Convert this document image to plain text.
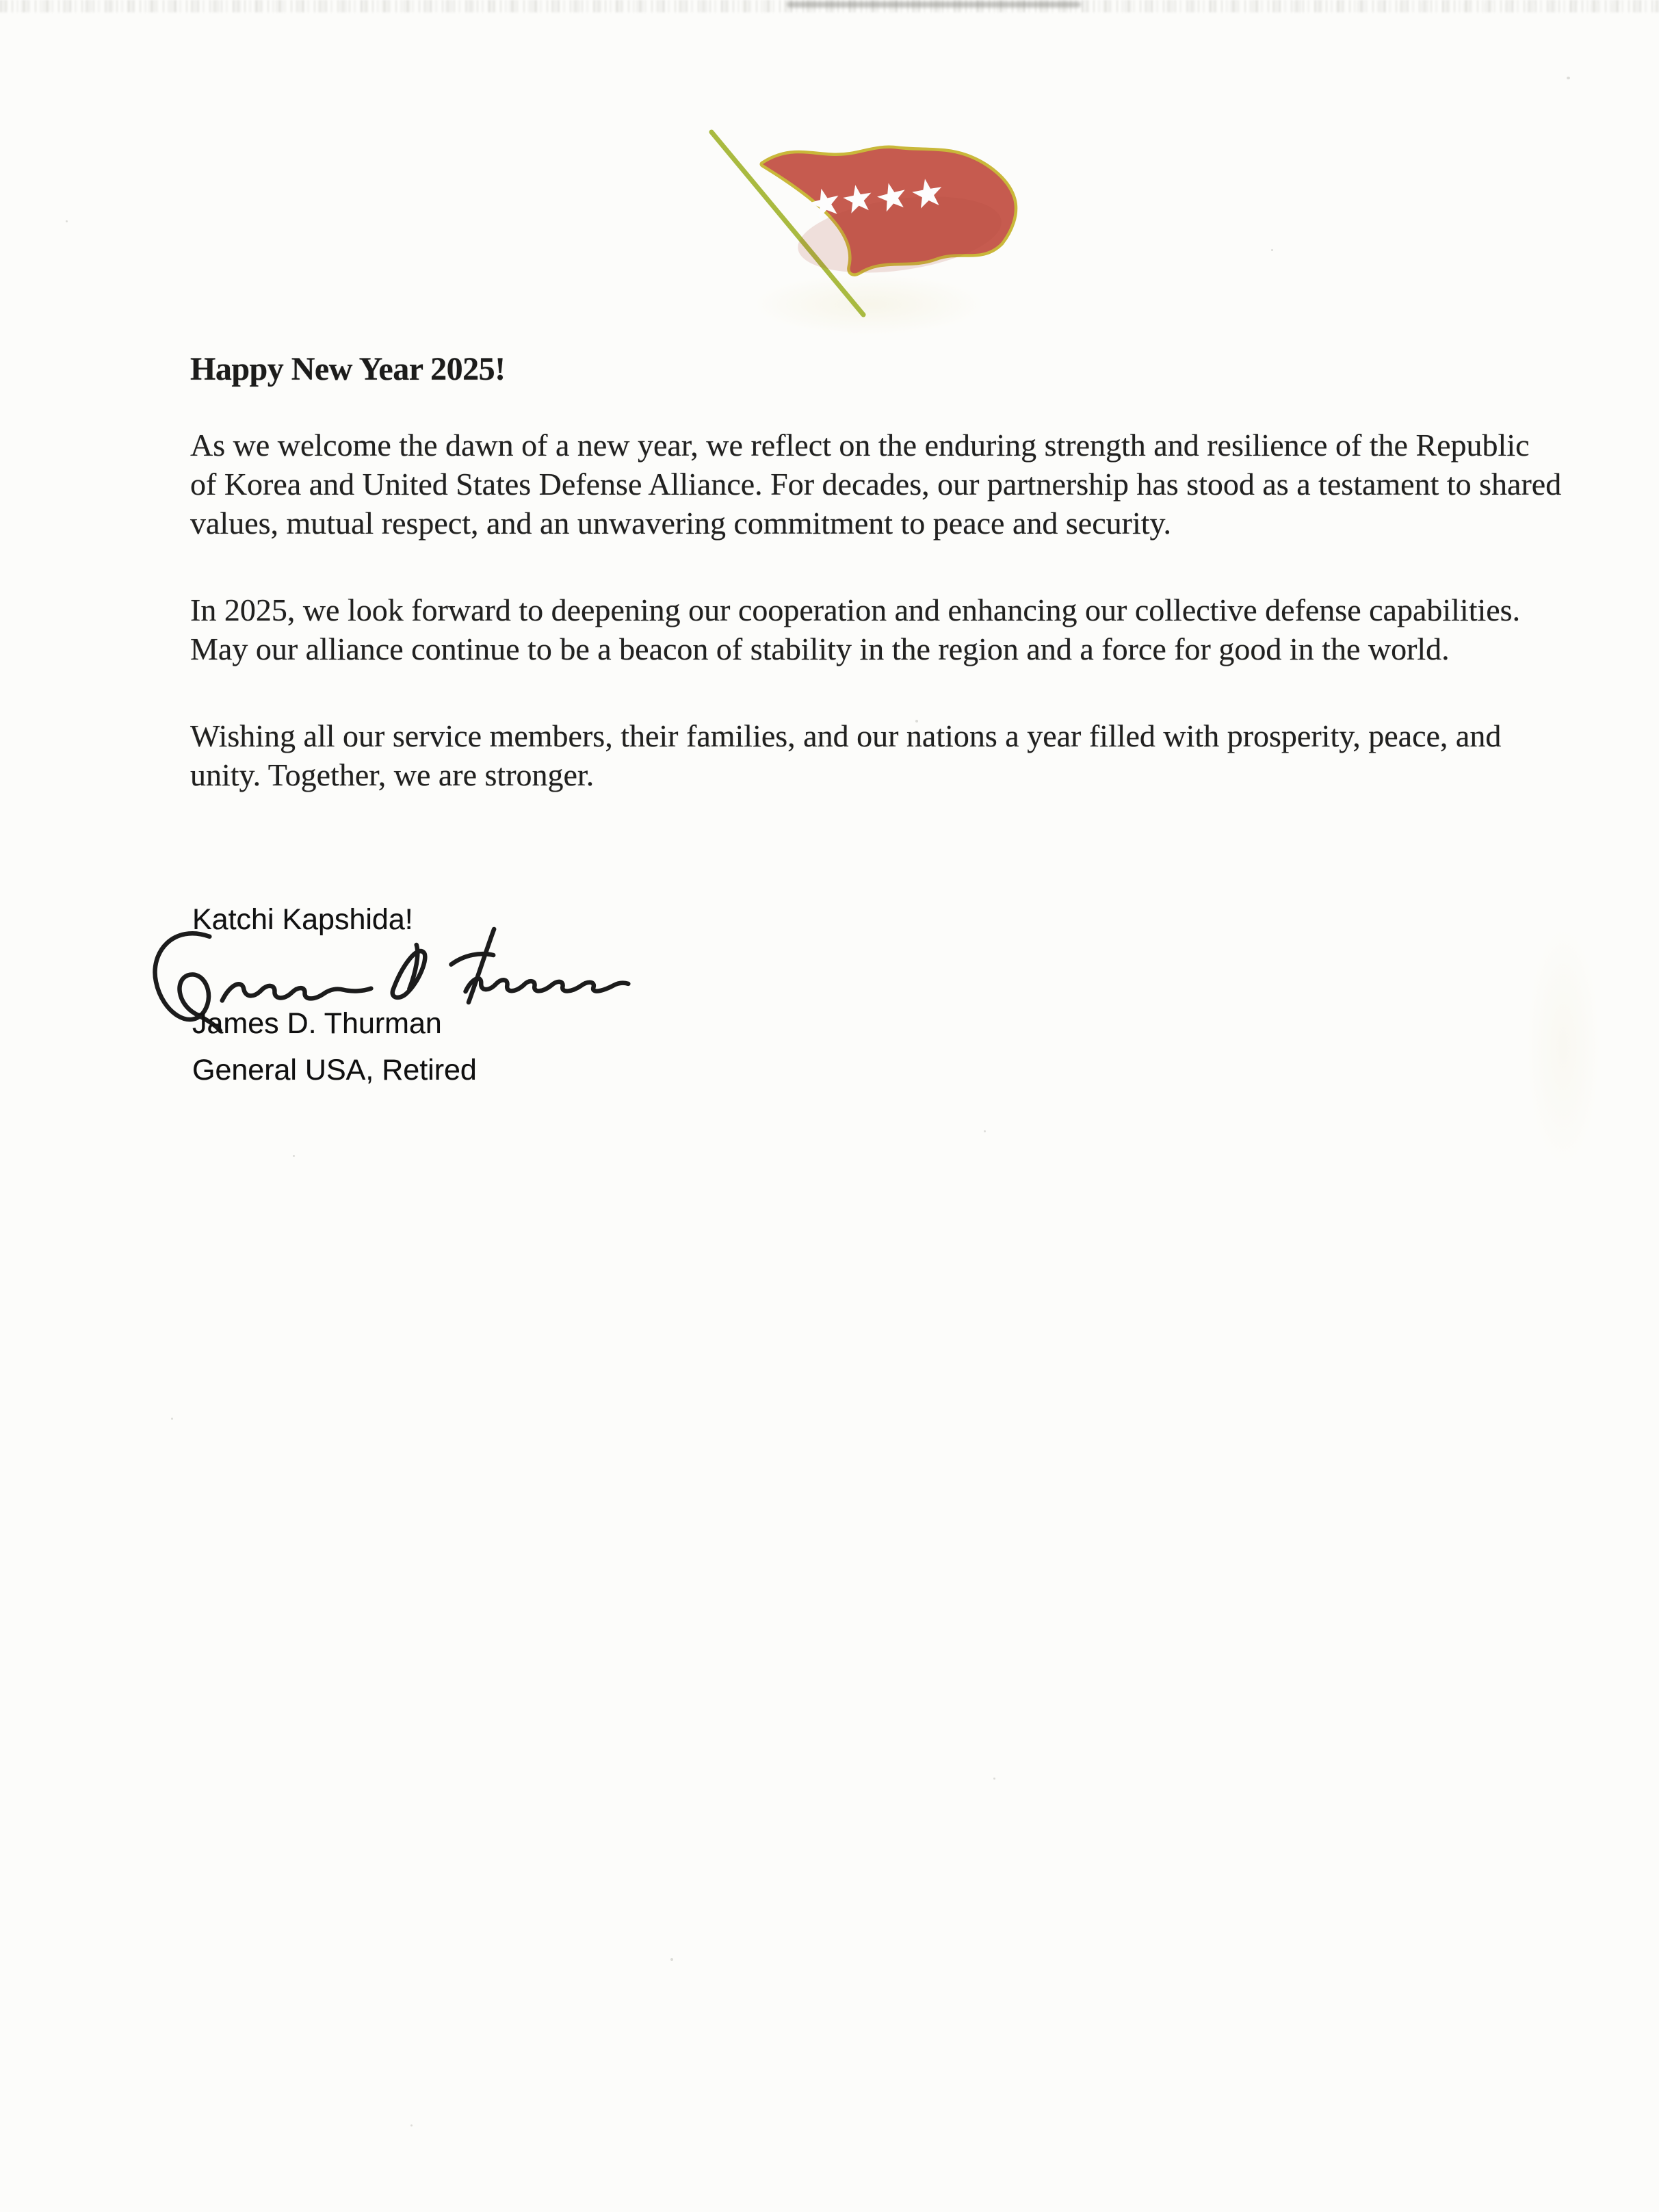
Happy New Year 2025!

As we welcome the dawn of a new year, we reflect on the enduring strength and resilience of the Republic of Korea and United States Defense Alliance. For decades, our partnership has stood as a testament to shared values, mutual respect, and an unwavering commitment to peace and security.

In 2025, we look forward to deepening our cooperation and enhancing our collective defense capabilities. May our alliance continue to be a beacon of stability in the region and a force for good in the world.

Wishing all our service members, their families, and our nations a year filled with prosperity, peace, and unity. Together, we are stronger.

Katchi Kapshida!
James D. Thurman
General USA, Retired
